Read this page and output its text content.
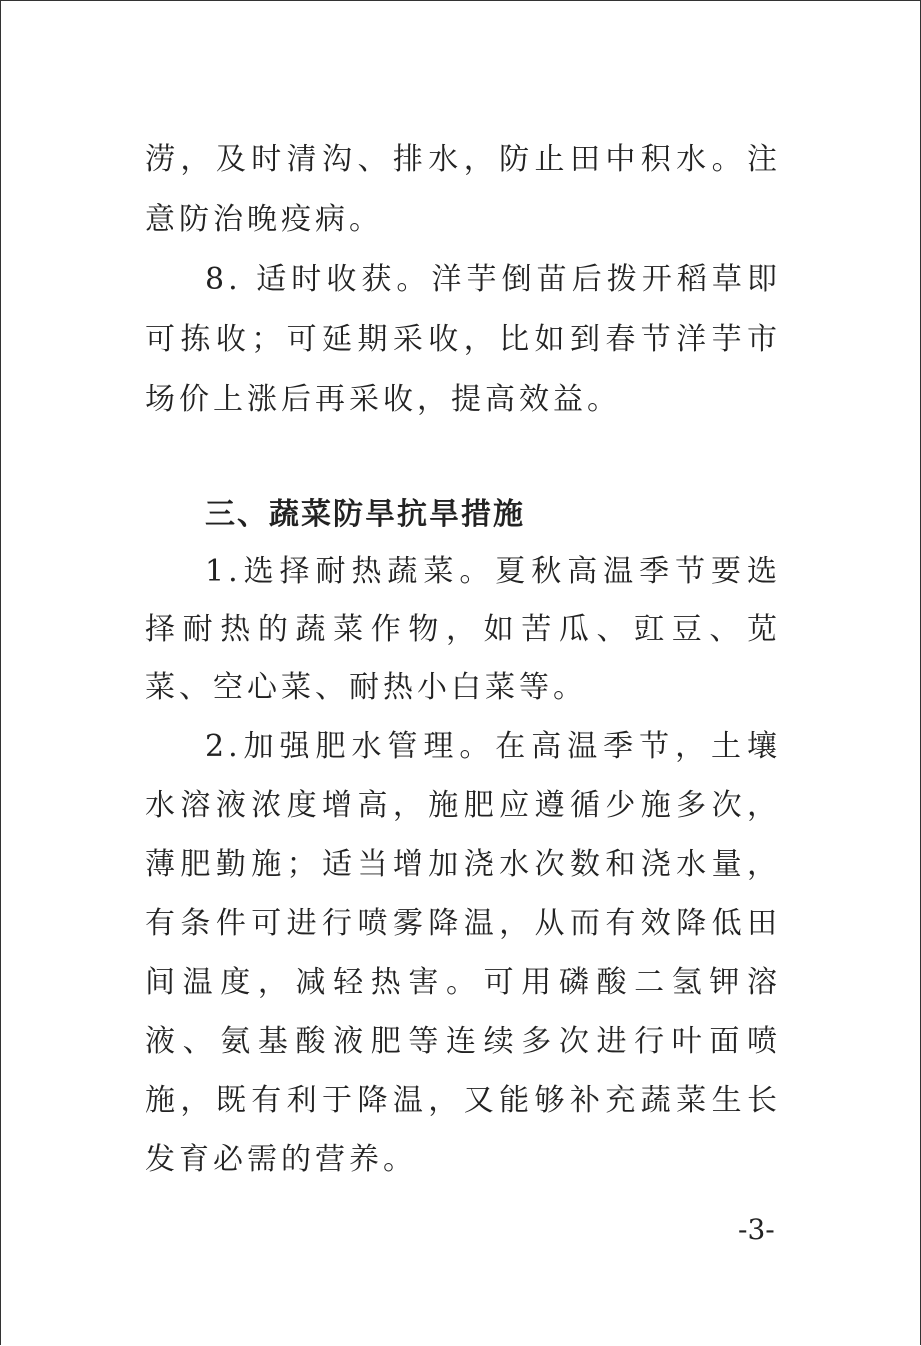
涝，及时清沟、排水，防止田中积水。注
意防治晚疫病。
8. 适时收获。洋芋倒苗后拨开稻草即
可拣收；可延期采收，比如到春节洋芋市
场价上涨后再采收，提高效益。
三、蔬菜防旱抗旱措施
1.选择耐热蔬菜。夏秋高温季节要选
择耐热的蔬菜作物，如苦瓜、豇豆、苋
菜、空心菜、耐热小白菜等。
2.加强肥水管理。在高温季节，土壤
水溶液浓度增高，施肥应遵循少施多次，
薄肥勤施；适当增加浇水次数和浇水量，
有条件可进行喷雾降温，从而有效降低田
间温度，减轻热害。可用磷酸二氢钾溶
液、氨基酸液肥等连续多次进行叶面喷
施，既有利于降温，又能够补充蔬菜生长
发育必需的营养。
-3-
